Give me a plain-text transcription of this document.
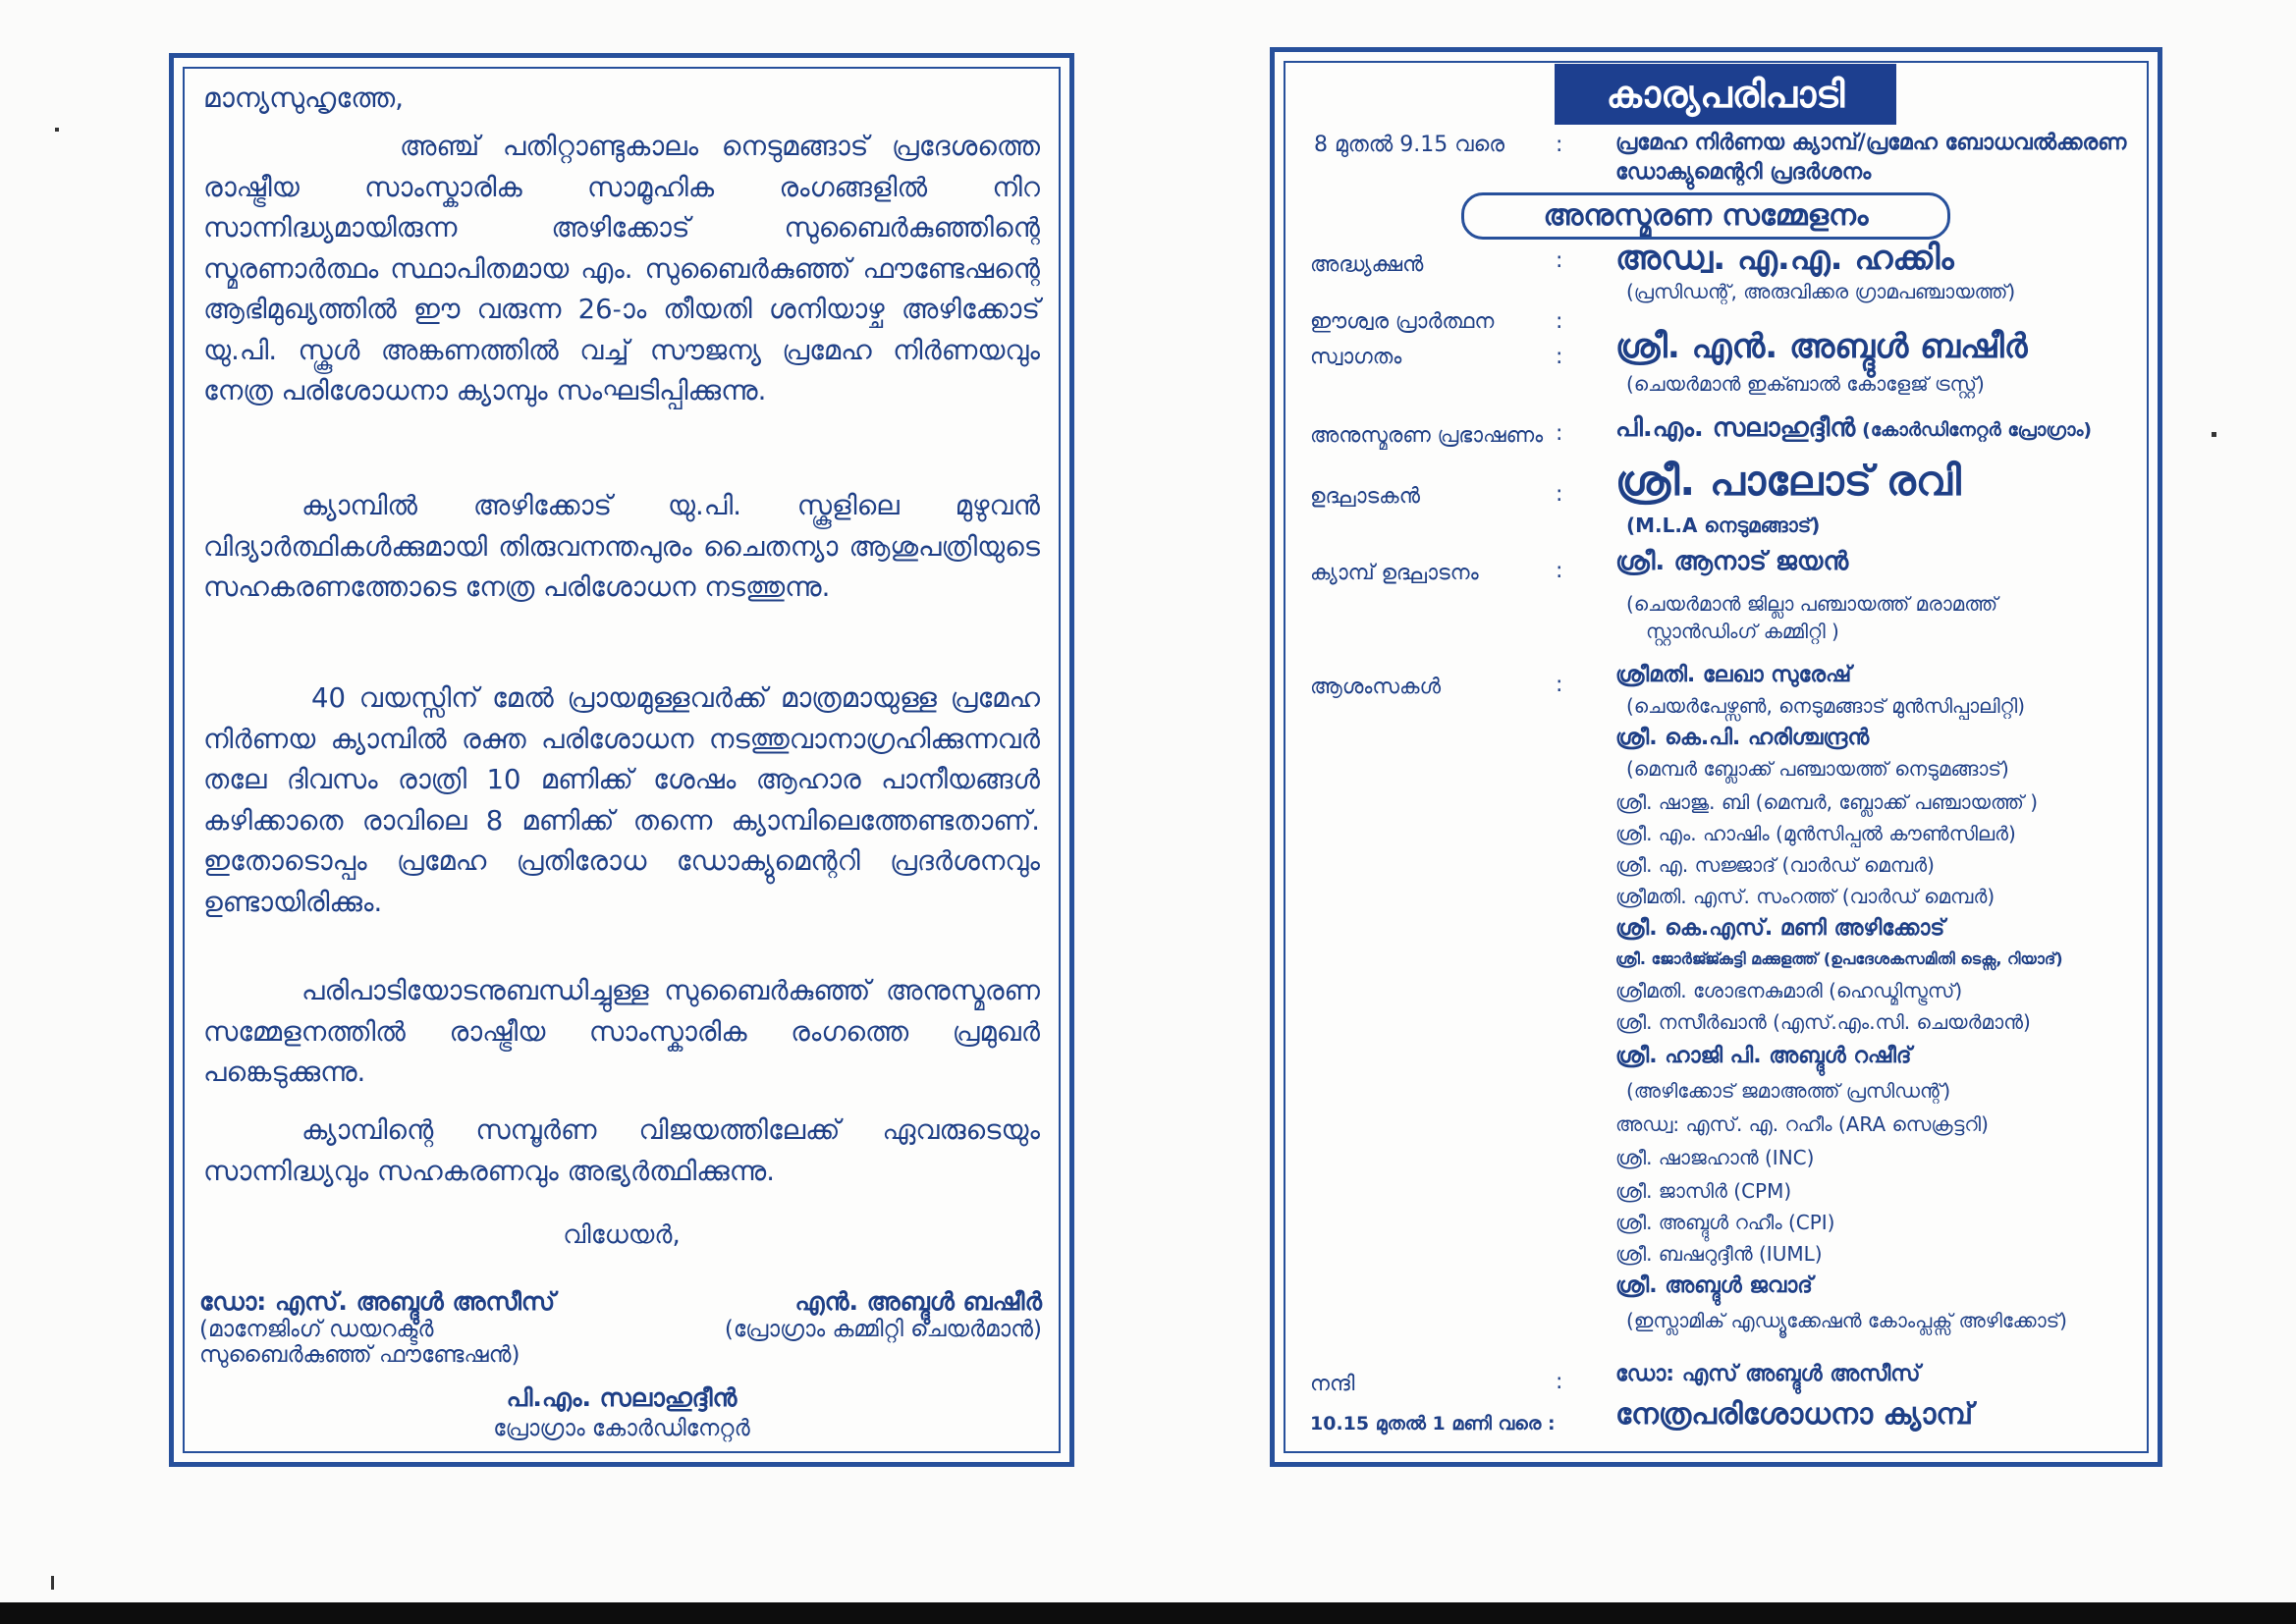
മാന്യസുഹൃത്തേ,

അഞ്ച് പതിറ്റാണ്ടുകാലം നെടുമങ്ങാട് പ്രദേശത്തെ രാഷ്ട്രീയ സാംസ്കാരിക സാമൂഹിക രംഗങ്ങളിൽ നിറ സാന്നിദ്ധ്യമായിരുന്ന അഴിക്കോട് സുബൈർകുഞ്ഞിന്റെ സ്മരണാർത്ഥം സ്ഥാപിതമായ എം. സുബൈർകുഞ്ഞ് ഫൗണ്ടേഷന്റെ ആഭിമുഖ്യത്തിൽ ഈ വരുന്ന 26-ാം തീയതി ശനിയാഴ്ച അഴിക്കോട് യു.പി. സ്കൂൾ അങ്കണത്തിൽ വച്ച് സൗജന്യ പ്രമേഹ നിർണയവും നേത്ര പരിശോധനാ ക്യാമ്പും സംഘടിപ്പിക്കുന്നു.

ക്യാമ്പിൽ അഴിക്കോട് യു.പി. സ്കൂളിലെ മുഴുവൻ വിദ്യാർത്ഥികൾക്കുമായി തിരുവനന്തപുരം ചൈതന്യാ ആശുപത്രിയുടെ സഹകരണത്തോടെ നേത്ര പരിശോധന നടത്തുന്നു.

40 വയസ്സിന് മേൽ പ്രായമുള്ളവർക്ക് മാത്രമായുള്ള പ്രമേഹ നിർണയ ക്യാമ്പിൽ രക്ത പരിശോധന നടത്തുവാനാഗ്രഹിക്കുന്നവർ തലേ ദിവസം രാത്രി 10 മണിക്ക് ശേഷം ആഹാര പാനീയങ്ങൾ കഴിക്കാതെ രാവിലെ 8 മണിക്ക് തന്നെ ക്യാമ്പിലെത്തേണ്ടതാണ്. ഇതോടൊപ്പം പ്രമേഹ പ്രതിരോധ ഡോക്യുമെന്ററി പ്രദർശനവും ഉണ്ടായിരിക്കും.

പരിപാടിയോടനുബന്ധിച്ചുള്ള സുബൈർകുഞ്ഞ് അനുസ്മരണ സമ്മേളനത്തിൽ രാഷ്ട്രീയ സാംസ്കാരിക രംഗത്തെ പ്രമുഖർ പങ്കെടുക്കുന്നു.

ക്യാമ്പിന്റെ സമ്പൂർണ വിജയത്തിലേക്ക് ഏവരുടെയും സാന്നിദ്ധ്യവും സഹകരണവും അഭ്യർത്ഥിക്കുന്നു.

വിധേയർ,
ഡോ: എസ്. അബ്ദുൾ അസീസ്
(മാനേജിംഗ് ഡയറക്ടർ
സുബൈർകുഞ്ഞ് ഫൗണ്ടേഷൻ)
എൻ. അബ്ദുൾ ബഷീർ
(പ്രോഗ്രാം കമ്മിറ്റി ചെയർമാൻ)
പി.എം. സലാഹുദ്ദീൻ
പ്രോഗ്രാം കോർഡിനേറ്റർ
കാര്യപരിപാടി
8 മുതൽ 9.15 വരെ : പ്രമേഹ നിർണയ ക്യാമ്പ്/പ്രമേഹ ബോധവൽക്കരണ
ഡോക്യുമെന്ററി പ്രദർശനം
അനുസ്മരണ സമ്മേളനം
അദ്ധ്യക്ഷൻ	: അഡ്വ. എ.എ. ഹക്കിം
(പ്രസിഡന്റ്, അരുവിക്കര ഗ്രാമപഞ്ചായത്ത്)
ഈശ്വര പ്രാർത്ഥന	:
സ്വാഗതം	: ശ്രീ. എൻ. അബ്ദുൾ ബഷീർ
(ചെയർമാൻ ഇക്ബാൽ കോളേജ് ട്രസ്റ്റ്)
അനുസ്മരണ പ്രഭാഷണം : പി.എം. സലാഹുദ്ദീൻ (കോർഡിനേറ്റർ പ്രോഗ്രാം)
ഉദ്ഘാടകൻ	: ശ്രീ. പാലോട് രവി
(M.L.A നെടുമങ്ങാട്)
ക്യാമ്പ് ഉദ്ഘാടനം	: ശ്രീ. ആനാട് ജയൻ
(ചെയർമാൻ ജില്ലാ പഞ്ചായത്ത് മരാമത്ത്
സ്റ്റാൻഡിംഗ് കമ്മിറ്റി )
ആശംസകൾ	: ശ്രീമതി. ലേഖാ സുരേഷ്
(ചെയർപേഴ്സൺ, നെടുമങ്ങാട് മുൻസിപ്പാലിറ്റി)
ശ്രീ. കെ.പി. ഹരിശ്ചന്ദ്രൻ
(മെമ്പർ ബ്ലോക്ക് പഞ്ചായത്ത് നെടുമങ്ങാട്)
ശ്രീ. ഷാജു. ബി (മെമ്പർ, ബ്ലോക്ക് പഞ്ചായത്ത് )
ശ്രീ. എം. ഹാഷിം (മുൻസിപ്പൽ കൗൺസിലർ)
ശ്രീ. എ. സജ്ജാദ് (വാർഡ് മെമ്പർ)
ശ്രീമതി. എസ്. സംറത്ത് (വാർഡ് മെമ്പർ)
ശ്രീ. കെ.എസ്. മണി അഴിക്കോട്
ശ്രീ. ജോർജ്ജ്കുട്ടി മക്കുളത്ത് (ഉപദേശകസമിതി ടെക്സ, റിയാദ്)
ശ്രീമതി. ശോഭനകുമാരി (ഹെഡ്മിസ്ട്രസ്)
ശ്രീ. നസീർഖാൻ (എസ്.എം.സി. ചെയർമാൻ)
ശ്രീ. ഹാജി പി. അബ്ദുൾ റഷീദ്
(അഴിക്കോട് ജമാഅത്ത് പ്രസിഡന്റ്)
അഡ്വ: എസ്. എ. റഹീം (ARA സെക്രട്ടറി)
ശ്രീ. ഷാജഹാൻ (INC)
ശ്രീ. ജാസിർ (CPM)
ശ്രീ. അബ്ദുൾ റഹീം (CPI)
ശ്രീ. ബഷറുദ്ദീൻ (IUML)
ശ്രീ. അബ്ദുൾ ജവാദ്
(ഇസ്ലാമിക് എഡ്യൂക്കേഷൻ കോംപ്ലക്സ് അഴിക്കോട്)
നന്ദി	: ഡോ: എസ് അബ്ദുൾ അസീസ്
10.15 മുതൽ 1 മണി വരെ : നേത്രപരിശോധനാ ക്യാമ്പ്
